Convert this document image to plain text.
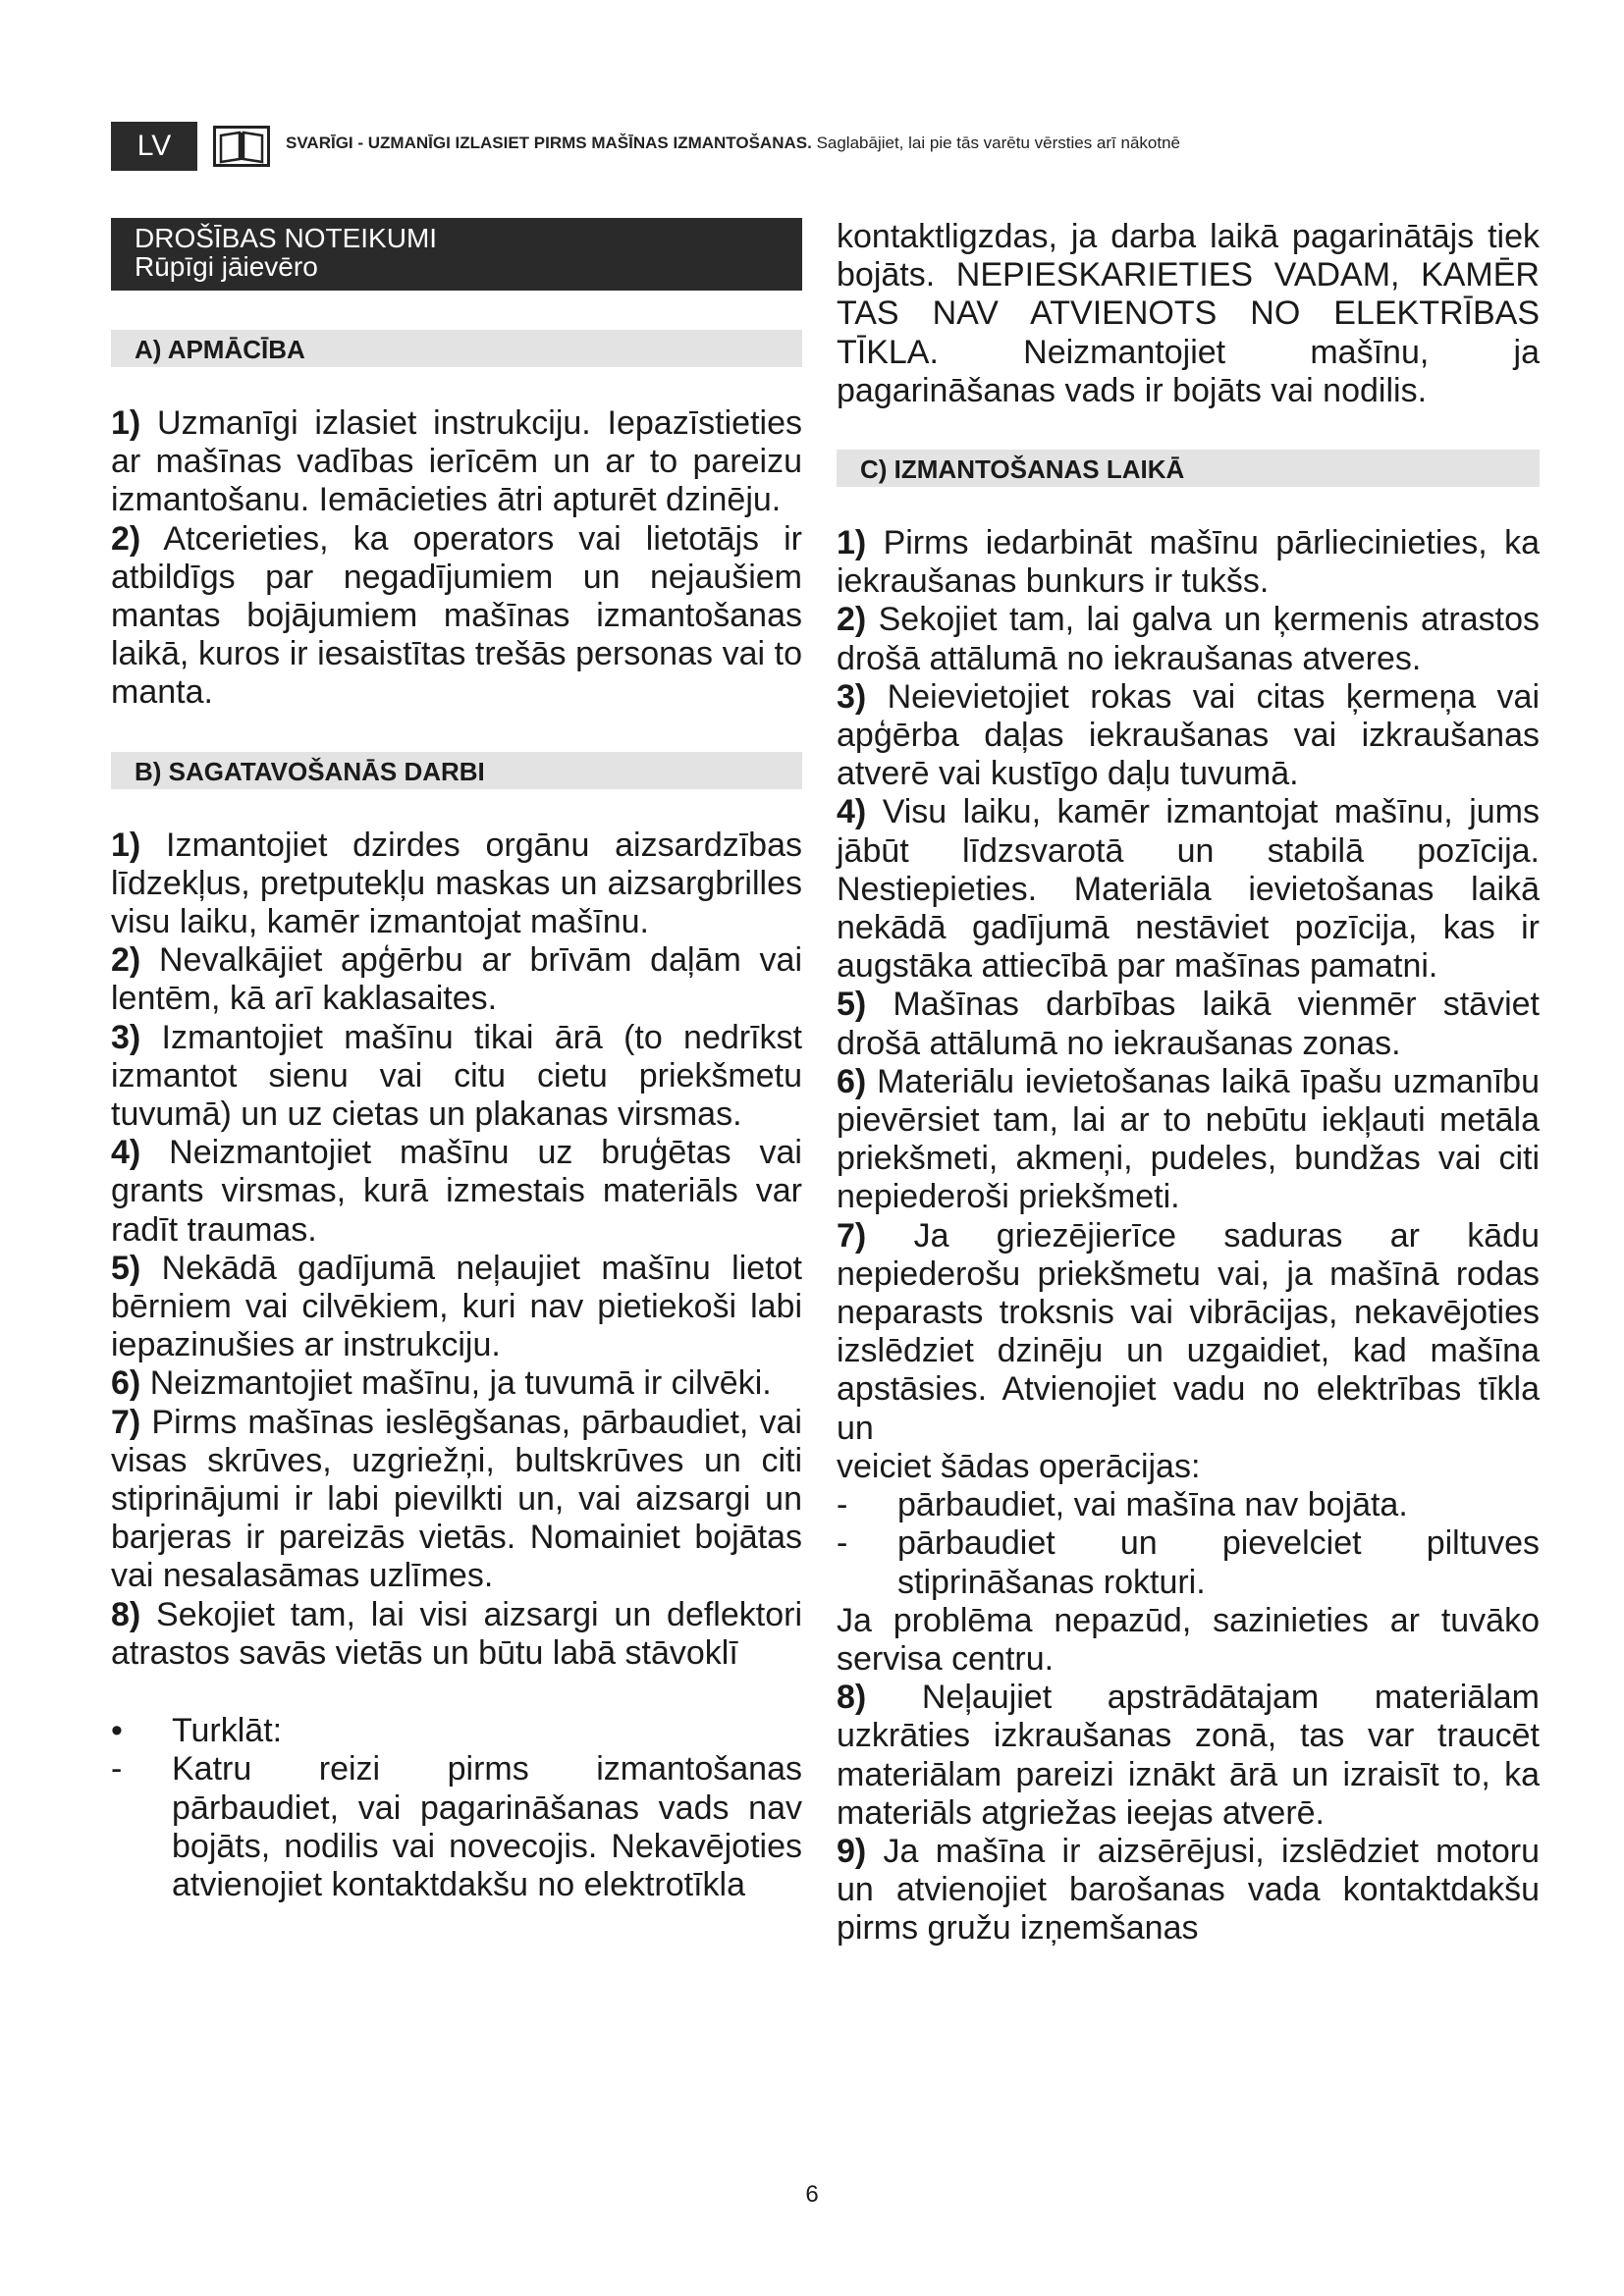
LV	SVARĪGI - UZMANĪGI IZLASIET PIRMS MAŠĪNAS IZMANTOŠANAS. Saglabājiet, lai pie tās varētu vērsties arī nākotnē
DROŠĪBAS NOTEIKUMI
Rūpīgi jāievēro
A) APMĀCĪBA

1) Uzmanīgi izlasiet instrukciju. Iepazīstieties ar mašīnas vadības ierīcēm un ar to pareizu izmantošanu. Iemācieties ātri apturēt dzinēju.

2) Atcerieties, ka operators vai lietotājs ir atbildīgs par negadījumiem un nejaušiem mantas bojājumiem mašīnas izmantošanas laikā, kuros ir iesaistītas trešās personas vai to manta.

B) SAGATAVOŠANĀS DARBI

1) Izmantojiet dzirdes orgānu aizsardzības līdzekļus, pretputekļu maskas un aizsargbrilles visu laiku, kamēr izmantojat mašīnu.

2) Nevalkājiet apģērbu ar brīvām daļām vai lentēm, kā arī kaklasaites.

3) Izmantojiet mašīnu tikai ārā (to nedrīkst izmantot sienu vai citu cietu priekšmetu tuvumā) un uz cietas un plakanas virsmas.

4) Neizmantojiet mašīnu uz bruģētas vai grants virsmas, kurā izmestais materiāls var radīt traumas.

5) Nekādā gadījumā neļaujiet mašīnu lietot bērniem vai cilvēkiem, kuri nav pietiekoši labi iepazinušies ar instrukciju.

6) Neizmantojiet mašīnu, ja tuvumā ir cilvēki.

7) Pirms mašīnas ieslēgšanas, pārbaudiet, vai visas skrūves, uzgriežņi, bultskrūves un citi stiprinājumi ir labi pievilkti un, vai aizsargi un barjeras ir pareizās vietās. Nomainiet bojātas vai nesalasāmas uzlīmes.

8) Sekojiet tam, lai visi aizsargi un deflektori atrastos savās vietās un būtu labā stāvoklī

•	Turklāt:
-	Katru reizi pirms izmantošanas pārbaudiet, vai pagarināšanas vads nav bojāts, nodilis vai novecojis. Nekavējoties atvienojiet kontaktdakšu no elektrotīkla

kontaktligzdas, ja darba laikā pagarinātājs tiek bojāts. NEPIESKARIETIES VADAM, KAMĒR TAS NAV ATVIENOTS NO ELEKTRĪBAS TĪKLA. Neizmantojiet mašīnu, ja pagarināšanas vads ir bojāts vai nodilis.

C) IZMANTOŠANAS LAIKĀ

1) Pirms iedarbināt mašīnu pārliecinieties, ka iekraušanas bunkurs ir tukšs.

2) Sekojiet tam, lai galva un ķermenis atrastos drošā attālumā no iekraušanas atveres.

3) Neievietojiet rokas vai citas ķermeņa vai apģērba daļas iekraušanas vai izkraušanas atverē vai kustīgo daļu tuvumā.

4) Visu laiku, kamēr izmantojat mašīnu, jums jābūt līdzsvarotā un stabilā pozīcija. Nestiepieties. Materiāla ievietošanas laikā nekādā gadījumā nestāviet pozīcija, kas ir augstāka attiecībā par mašīnas pamatni.

5) Mašīnas darbības laikā vienmēr stāviet drošā attālumā no iekraušanas zonas.

6) Materiālu ievietošanas laikā īpašu uzmanību pievērsiet tam, lai ar to nebūtu iekļauti metāla priekšmeti, akmeņi, pudeles, bundžas vai citi nepiederoši priekšmeti.

7) Ja griezējierīce saduras ar kādu nepiederošu priekšmetu vai, ja mašīnā rodas neparasts troksnis vai vibrācijas, nekavējoties izslēdziet dzinēju un uzgaidiet, kad mašīna apstāsies. Atvienojiet vadu no elektrības tīkla un

veiciet šādas operācijas:

-	pārbaudiet, vai mašīna nav bojāta.
-	pārbaudiet un pievelciet piltuves stiprināšanas rokturi.

Ja problēma nepazūd, sazinieties ar tuvāko servisa centru.

8) Neļaujiet apstrādātajam materiālam uzkrāties izkraušanas zonā, tas var traucēt materiālam pareizi iznākt ārā un izraisīt to, ka materiāls atgriežas ieejas atverē.

9) Ja mašīna ir aizsērējusi, izslēdziet motoru un atvienojiet barošanas vada kontaktdakšu pirms gružu izņemšanas

6
